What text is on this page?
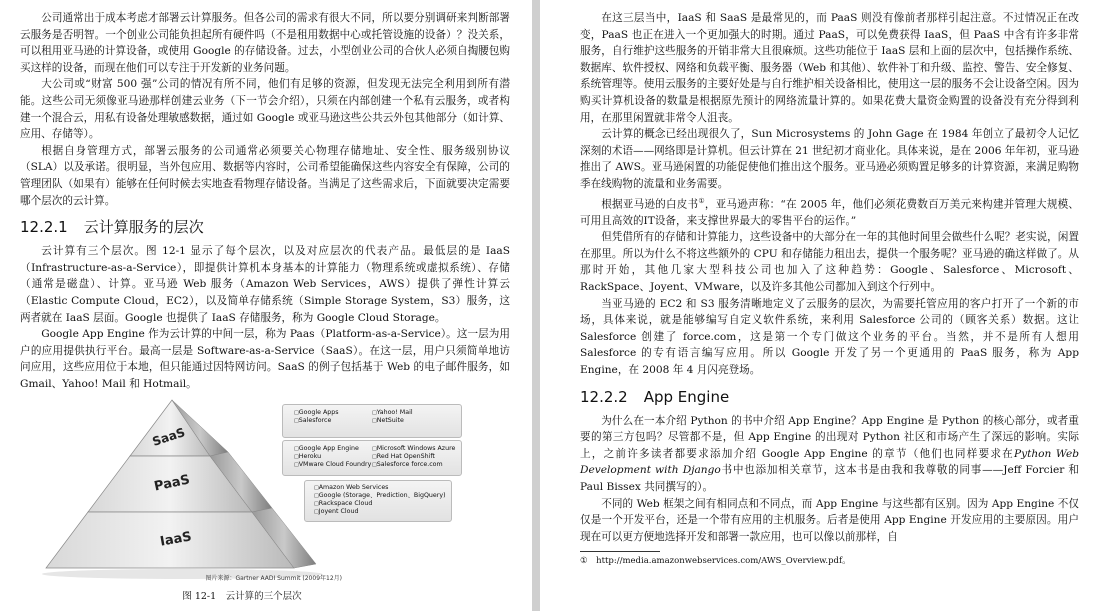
公司通常出于成本考虑才部署云计算服务。但各公司的需求有很大不同，所以要分别调研来判断部署云服务是否明智。一个创业公司能负担起所有硬件吗（不是租用数据中心或托管设施的设备）？没关系，可以租用亚马逊的计算设备，或使用 Google 的存储设备。过去，小型创业公司的合伙人必须自掏腰包购买这样的设备，而现在他们可以专注于开发新的业务问题。

大公司或“财富 500 强”公司的情况有所不同，他们有足够的资源，但发现无法完全利用到所有潜能。这些公司无须像亚马逊那样创建云业务（下一节会介绍），只须在内部创建一个私有云服务，或者构建一个混合云，用私有设备处理敏感数据，通过如 Google 或亚马逊这些公共云外包其他部分（如计算、应用、存储等）。

根据自身管理方式，部署云服务的公司通常必须要关心物理存储地址、安全性、服务级别协议（SLA）以及承诺。很明显，当外包应用、数据等内容时，公司希望能确保这些内容安全有保障，公司的管理团队（如果有）能够在任何时候去实地查看物理存储设备。当满足了这些需求后，下面就要决定需要哪个层次的云计算。

12.2.1 云计算服务的层次

云计算有三个层次。图 12-1 显示了每个层次，以及对应层次的代表产品。最低层的是 IaaS（Infrastructure-as-a-Service），即提供计算机本身基本的计算能力（物理系统或虚拟系统）、存储（通常是磁盘）、计算。亚马逊 Web 服务（Amazon Web Services，AWS）提供了弹性计算云（Elastic Compute Cloud，EC2），以及简单存储系统（Simple Storage System，S3）服务，这两者就在 IaaS 层面。Google 也提供了 IaaS 存储服务，称为 Google Cloud Storage。

Google App Engine 作为云计算的中间一层，称为 Paas（Platform-as-a-Service）。这一层为用户的应用提供执行平台。最高一层是 Software-as-a-Service（SaaS）。在这一层，用户只须简单地访问应用，这些应用位于本地，但只能通过因特网访问。SaaS 的例子包括基于 Web 的电子邮件服务，如 Gmail、Yahoo! Mail 和 Hotmail。

SaaS
PaaS
IaaS
□ Google Apps
□ Salesforce
□ Yahoo! Mail
□ NetSuite
□ Google App Engine
□ Heroku
□ VMware Cloud Foundry
□ Microsoft Windows Azure
□ Red Hat OpenShift
□ Salesforce force.com
□ Amazon Web Services
□ Google (Storage、Prediction、BigQuery)
□ Rackspace Cloud
□ Joyent Cloud
图片来源：Gartner AADI Summit (2009年12月)
图 12-1　云计算的三个层次

在这三层当中，IaaS 和 SaaS 是最常见的，而 PaaS 则没有像前者那样引起注意。不过情况正在改变，PaaS 也正在进入一个更加强大的时期。通过 PaaS，可以免费获得 IaaS，但 PaaS 中含有许多非常服务，自行维护这些服务的开销非常大且很麻烦。这些功能位于 IaaS 层和上面的层次中，包括操作系统、数据库、软件授权、网络和负载平衡、服务器（Web 和其他）、软件补丁和升级、监控、警告、安全修复、系统管理等。使用云服务的主要好处是与自行维护相关设备相比，使用这一层的服务不会让设备空闲。因为购买计算机设备的数量是根据原先预计的网络流量计算的。如果花费大量资金购置的设备没有充分得到利用，在那里闲置就非常令人沮丧。

云计算的概念已经出现很久了，Sun Microsystems 的 John Gage 在 1984 年创立了最初令人记忆深刻的术语——网络即是计算机。但云计算在 21 世纪初才商业化。具体来说，是在 2006 年年初，亚马逊推出了 AWS。亚马逊闲置的功能促使他们推出这个服务。亚马逊必须购置足够多的计算资源，来满足购物季在线购物的流量和业务需要。

根据亚马逊的白皮书①，亚马逊声称：“在 2005 年，他们必须花费数百万美元来构建并管理大规模、可用且高效的IT设备，来支撑世界最大的零售平台的运作。”

但凭借所有的存储和计算能力，这些设备中的大部分在一年的其他时间里会做些什么呢？老实说，闲置在那里。所以为什么不将这些额外的 CPU 和存储能力租出去，提供一个服务呢？亚马逊的确这样做了。从那时开始，其他几家大型科技公司也加入了这种趋势：Google、Salesforce、Microsoft、RackSpace、Joyent、VMware，以及许多其他公司都加入到这个行列中。

当亚马逊的 EC2 和 S3 服务清晰地定义了云服务的层次，为需要托管应用的客户打开了一个新的市场，具体来说，就是能够编写自定义软件系统，来利用 Salesforce 公司的（顾客关系）数据。这让 Salesforce 创建了 force.com，这是第一个专门做这个业务的平台。当然，并不是所有人想用 Salesforce 的专有语言编写应用。所以 Google 开发了另一个更通用的 PaaS 服务，称为 App Engine，在 2008 年 4 月闪亮登场。

12.2.2 App Engine

为什么在一本介绍 Python 的书中介绍 App Engine？App Engine 是 Python 的核心部分，或者重要的第三方包吗？尽管都不是，但 App Engine 的出现对 Python 社区和市场产生了深远的影响。实际上，之前许多读者都要求添加介绍 Google App Engine 的章节（他们也同样要求在Python Web Development with Django书中也添加相关章节，这本书是由我和我尊敬的同事——Jeff Forcier 和 Paul Bissex 共同撰写的）。

不同的 Web 框架之间有相同点和不同点，而 App Engine 与这些都有区别。因为 App Engine 不仅仅是一个开发平台，还是一个带有应用的主机服务。后者是使用 App Engine 开发应用的主要原因。用户现在可以更方便地选择开发和部署一款应用，也可以像以前那样，自

①　http://media.amazonwebservices.com/AWS_Overview.pdf。
